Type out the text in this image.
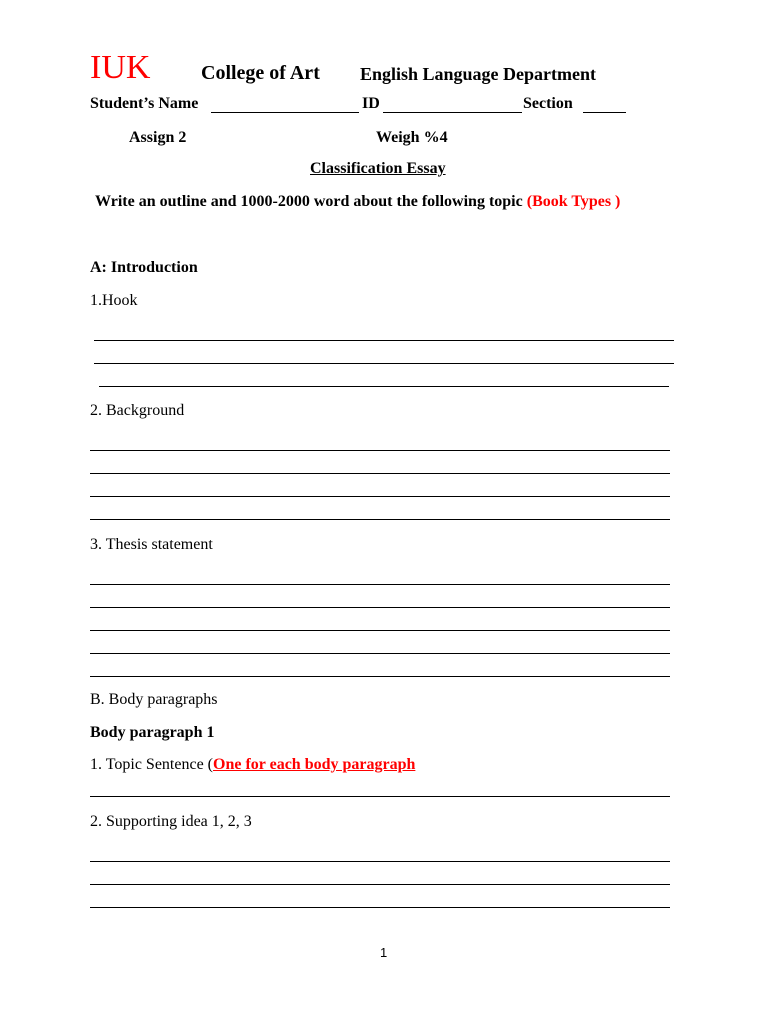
IUK	College of Art English Language Department
Student’s Name	ID	Section
Assign 2	Weigh %4
Classification Essay
Write an outline and 1000-2000 word about the following topic (Book Types )
A: Introduction
1.Hook
2. Background
3. Thesis statement
B. Body paragraphs
Body paragraph 1
1. Topic Sentence (One for each body paragraph
2. Supporting idea 1, 2, 3
1
